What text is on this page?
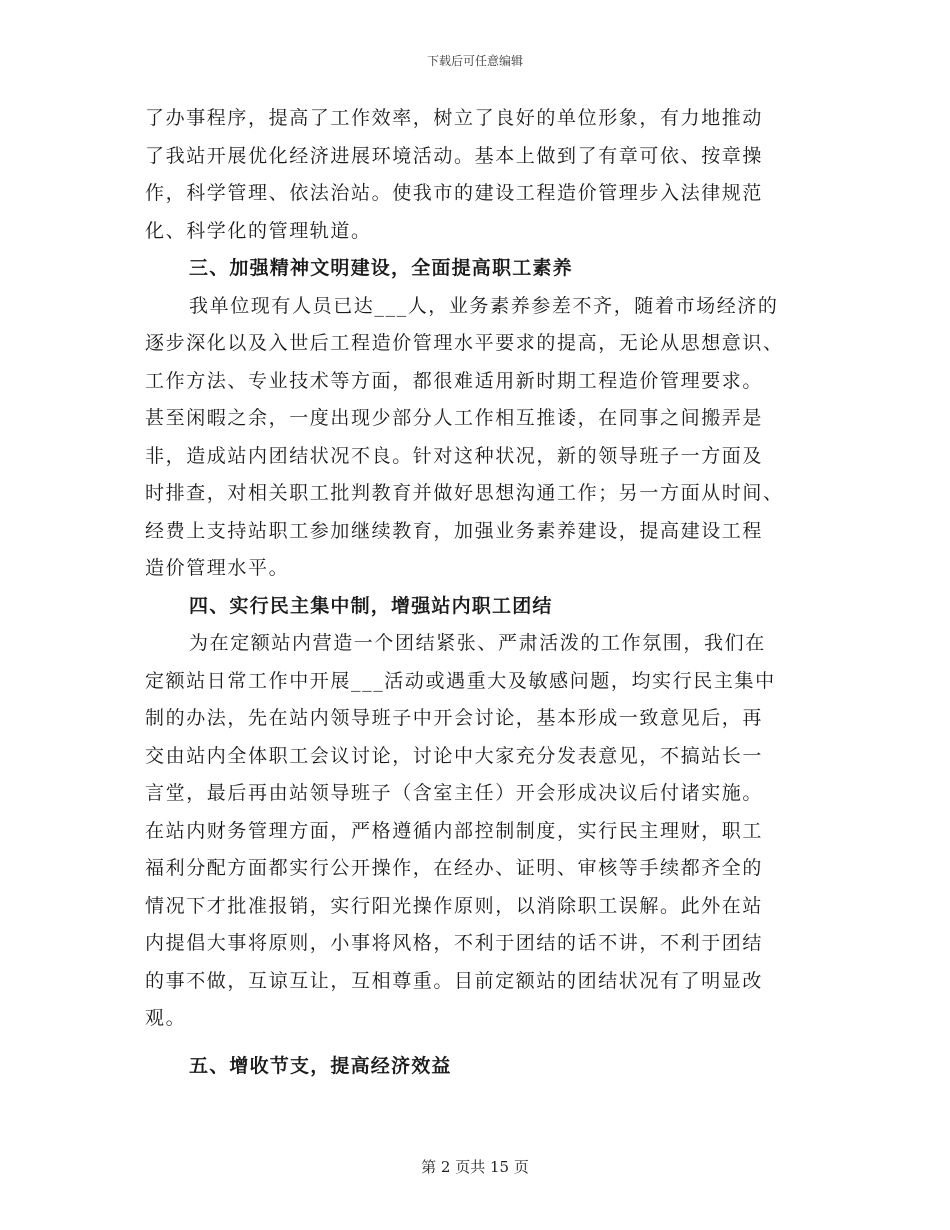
下载后可任意编辑
了办事程序，提高了工作效率，树立了良好的单位形象，有力地推动
了我站开展优化经济进展环境活动。基本上做到了有章可依、按章操
作，科学管理、依法治站。使我市的建设工程造价管理步入法律规范
化、科学化的管理轨道。
三、加强精神文明建设，全面提高职工素养
我单位现有人员已达___人，业务素养参差不齐，随着市场经济的
逐步深化以及入世后工程造价管理水平要求的提高，无论从思想意识、
工作方法、专业技术等方面，都很难适用新时期工程造价管理要求。
甚至闲暇之余，一度出现少部分人工作相互推诿，在同事之间搬弄是
非，造成站内团结状况不良。针对这种状况，新的领导班子一方面及
时排查，对相关职工批判教育并做好思想沟通工作；另一方面从时间、
经费上支持站职工参加继续教育，加强业务素养建设，提高建设工程
造价管理水平。
四、实行民主集中制，增强站内职工团结
为在定额站内营造一个团结紧张、严肃活泼的工作氛围，我们在
定额站日常工作中开展___活动或遇重大及敏感问题，均实行民主集中
制的办法，先在站内领导班子中开会讨论，基本形成一致意见后，再
交由站内全体职工会议讨论，讨论中大家充分发表意见，不搞站长一
言堂，最后再由站领导班子（含室主任）开会形成决议后付诸实施。
在站内财务管理方面，严格遵循内部控制制度，实行民主理财，职工
福利分配方面都实行公开操作，在经办、证明、审核等手续都齐全的
情况下才批准报销，实行阳光操作原则，以消除职工误解。此外在站
内提倡大事将原则，小事将风格，不利于团结的话不讲，不利于团结
的事不做，互谅互让，互相尊重。目前定额站的团结状况有了明显改
观。
五、增收节支，提高经济效益
第 2 页共 15 页
